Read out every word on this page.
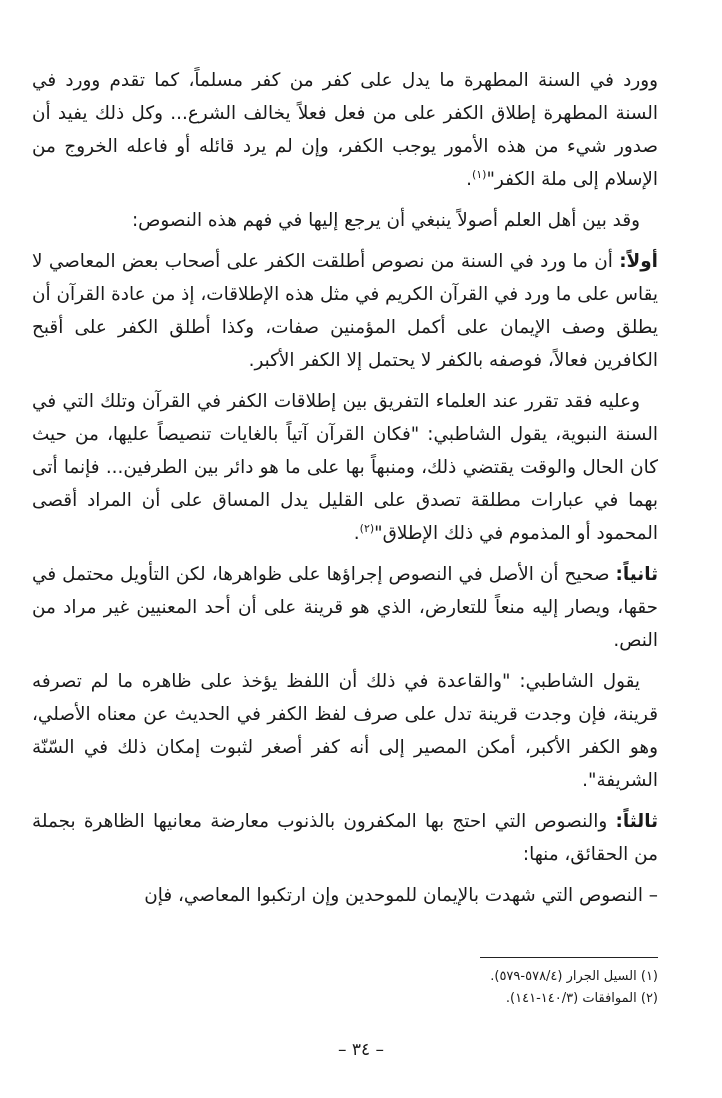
وورد في السنة المطهرة ما يدل على كفر من كفر مسلماً، كما تقدم وورد في السنة المطهرة إطلاق الكفر على من فعل فعلاً يخالف الشرع... وكل ذلك يفيد أن صدور شيء من هذه الأمور يوجب الكفر، وإن لم يرد قائله أو فاعله الخروج من الإسلام إلى ملة الكفر"$^{(١)}$.

وقد بين أهل العلم أصولاً ينبغي أن يرجع إليها في فهم هذه النصوص:

أولاً: أن ما ورد في السنة من نصوص أطلقت الكفر على أصحاب بعض المعاصي لا يقاس على ما ورد في القرآن الكريم في مثل هذه الإطلاقات، إذ من عادة القرآن أن يطلق وصف الإيمان على أكمل المؤمنين صفات، وكذا أطلق الكفر على أقبح الكافرين فعالاً، فوصفه بالكفر لا يحتمل إلا الكفر الأكبر.

وعليه فقد تقرر عند العلماء التفريق بين إطلاقات الكفر في القرآن وتلك التي في السنة النبوية، يقول الشاطبي: "فكان القرآن آتياً بالغايات تنصيصاً عليها، من حيث كان الحال والوقت يقتضي ذلك، ومنبهاً بها على ما هو دائر بين الطرفين... فإنما أتى بهما في عبارات مطلقة تصدق على القليل يدل المساق على أن المراد أقصى المحمود أو المذموم في ذلك الإطلاق"$^{(٢)}$.

ثانياً: صحيح أن الأصل في النصوص إجراؤها على ظواهرها، لكن التأويل محتمل في حقها، ويصار إليه منعاً للتعارض، الذي هو قرينة على أن أحد المعنيين غير مراد من النص.

يقول الشاطبي: "والقاعدة في ذلك أن اللفظ يؤخذ على ظاهره ما لم تصرفه قرينة، فإن وجدت قرينة تدل على صرف لفظ الكفر في الحديث عن معناه الأصلي، وهو الكفر الأكبر، أمكن المصير إلى أنه كفر أصغر لثبوت إمكان ذلك في السّنّة الشريفة".

ثالثاً: والنصوص التي احتج بها المكفرون بالذنوب معارضة معانيها الظاهرة بجملة من الحقائق، منها:

– النصوص التي شهدت بالإيمان للموحدين وإن ارتكبوا المعاصي، فإن

(١) السيل الجرار (٥٧٨/٤-٥٧٩).

(٢) الموافقات (١٤٠/٣-١٤١).

– ٣٤ –
